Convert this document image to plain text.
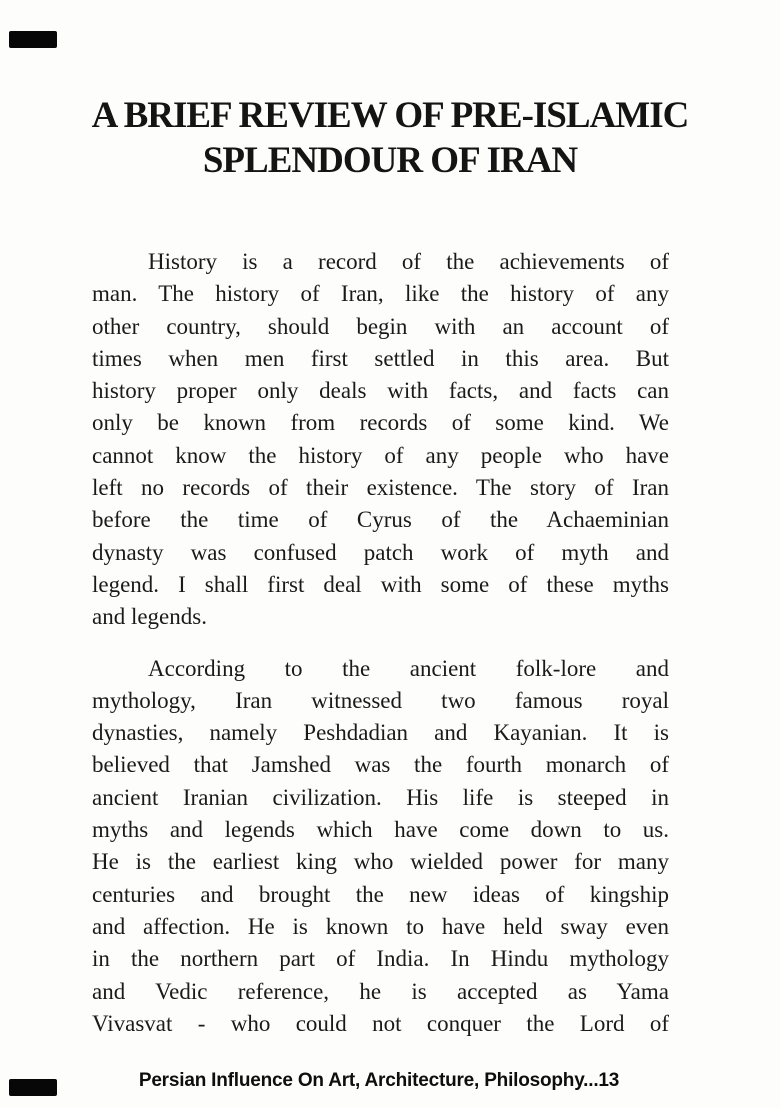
A BRIEF REVIEW OF PRE-ISLAMIC
SPLENDOUR OF IRAN
History is a record of the achievements of
man. The history of Iran, like the history of any
other country, should begin with an account of
times when men first settled in this area. But
history proper only deals with facts, and facts can
only be known from records of some kind. We
cannot know the history of any people who have
left no records of their existence. The story of Iran
before the time of Cyrus of the Achaeminian
dynasty was confused patch work of myth and
legend. I shall first deal with some of these myths
and legends.
According to the ancient folk-lore and
mythology, Iran witnessed two famous royal
dynasties, namely Peshdadian and Kayanian. It is
believed that Jamshed was the fourth monarch of
ancient Iranian civilization. His life is steeped in
myths and legends which have come down to us.
He is the earliest king who wielded power for many
centuries and brought the new ideas of kingship
and affection. He is known to have held sway even
in the northern part of India. In Hindu mythology
and Vedic reference, he is accepted as Yama
Vivasvat - who could not conquer the Lord of
Persian Influence On Art, Architecture, Philosophy...13
